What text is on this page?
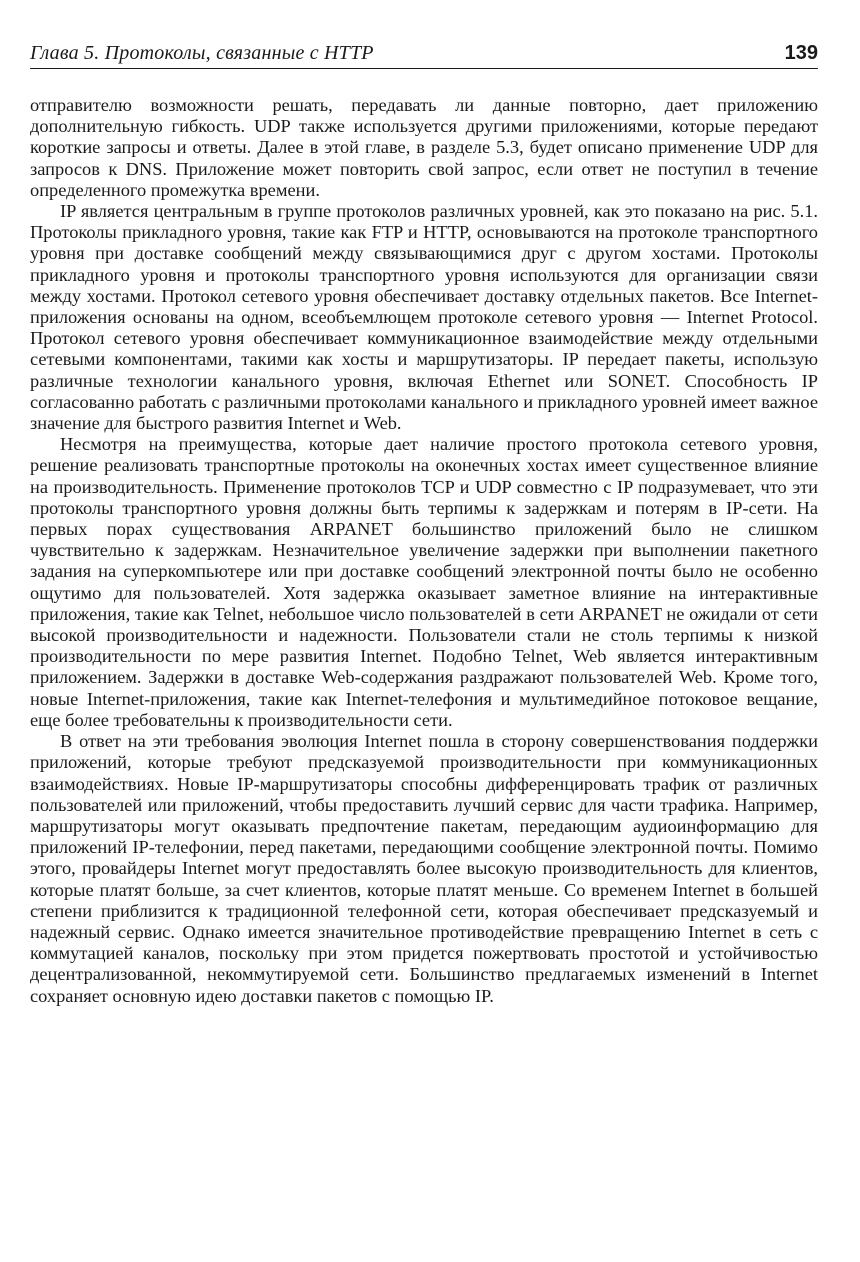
Глава 5. Протоколы, связанные с HTTP	139

отправителю возможности решать, передавать ли данные повторно, дает приложению дополнительную гибкость. UDP также используется другими приложениями, которые передают короткие запросы и ответы. Далее в этой главе, в разделе 5.3, будет описано применение UDP для запросов к DNS. Приложение может повторить свой запрос, если ответ не поступил в течение определенного промежутка времени.

IP является центральным в группе протоколов различных уровней, как это показано на рис. 5.1. Протоколы прикладного уровня, такие как FTP и HTTP, основываются на протоколе транспортного уровня при доставке сообщений между связывающимися друг с другом хостами. Протоколы прикладного уровня и протоколы транспортного уровня используются для организации связи между хостами. Протокол сетевого уровня обеспечивает доставку отдельных пакетов. Все Internet-приложения основаны на одном, всеобъемлющем протоколе сетевого уровня — Internet Protocol. Протокол сетевого уровня обеспечивает коммуникационное взаимодействие между отдельными сетевыми компонентами, такими как хосты и маршрутизаторы. IP передает пакеты, использую различные технологии канального уровня, включая Ethernet или SONET. Способность IP согласованно работать с различными протоколами канального и прикладного уровней имеет важное значение для быстрого развития Internet и Web.

Несмотря на преимущества, которые дает наличие простого протокола сетевого уровня, решение реализовать транспортные протоколы на оконечных хостах имеет существенное влияние на производительность. Применение протоколов TCP и UDP совместно с IP подразумевает, что эти протоколы транспортного уровня должны быть терпимы к задержкам и потерям в IP-сети. На первых порах существования ARPANET большинство приложений было не слишком чувствительно к задержкам. Незначительное увеличение задержки при выполнении пакетного задания на суперкомпьютере или при доставке сообщений электронной почты было не особенно ощутимо для пользователей. Хотя задержка оказывает заметное влияние на интерактивные приложения, такие как Telnet, небольшое число пользователей в сети ARPANET не ожидали от сети высокой производительности и надежности. Пользователи стали не столь терпимы к низкой производительности по мере развития Internet. Подобно Telnet, Web является интерактивным приложением. Задержки в доставке Web-содержания раздражают пользователей Web. Кроме того, новые Internet-приложения, такие как Internet-телефония и мультимедийное потоковое вещание, еще более требовательны к производительности сети.

В ответ на эти требования эволюция Internet пошла в сторону совершенствования поддержки приложений, которые требуют предсказуемой производительности при коммуникационных взаимодействиях. Новые IP-маршрутизаторы способны дифференцировать трафик от различных пользователей или приложений, чтобы предоставить лучший сервис для части трафика. Например, маршрутизаторы могут оказывать предпочтение пакетам, передающим аудиоинформацию для приложений IP-телефонии, перед пакетами, передающими сообщение электронной почты. Помимо этого, провайдеры Internet могут предоставлять более высокую производительность для клиентов, которые платят больше, за счет клиентов, которые платят меньше. Со временем Internet в большей степени приблизится к традиционной телефонной сети, которая обеспечивает предсказуемый и надежный сервис. Однако имеется значительное противодействие превращению Internet в сеть с коммутацией каналов, поскольку при этом придется пожертвовать простотой и устойчивостью децентрализованной, некоммутируемой сети. Большинство предлагаемых изменений в Internet сохраняет основную идею доставки пакетов с помощью IP.
